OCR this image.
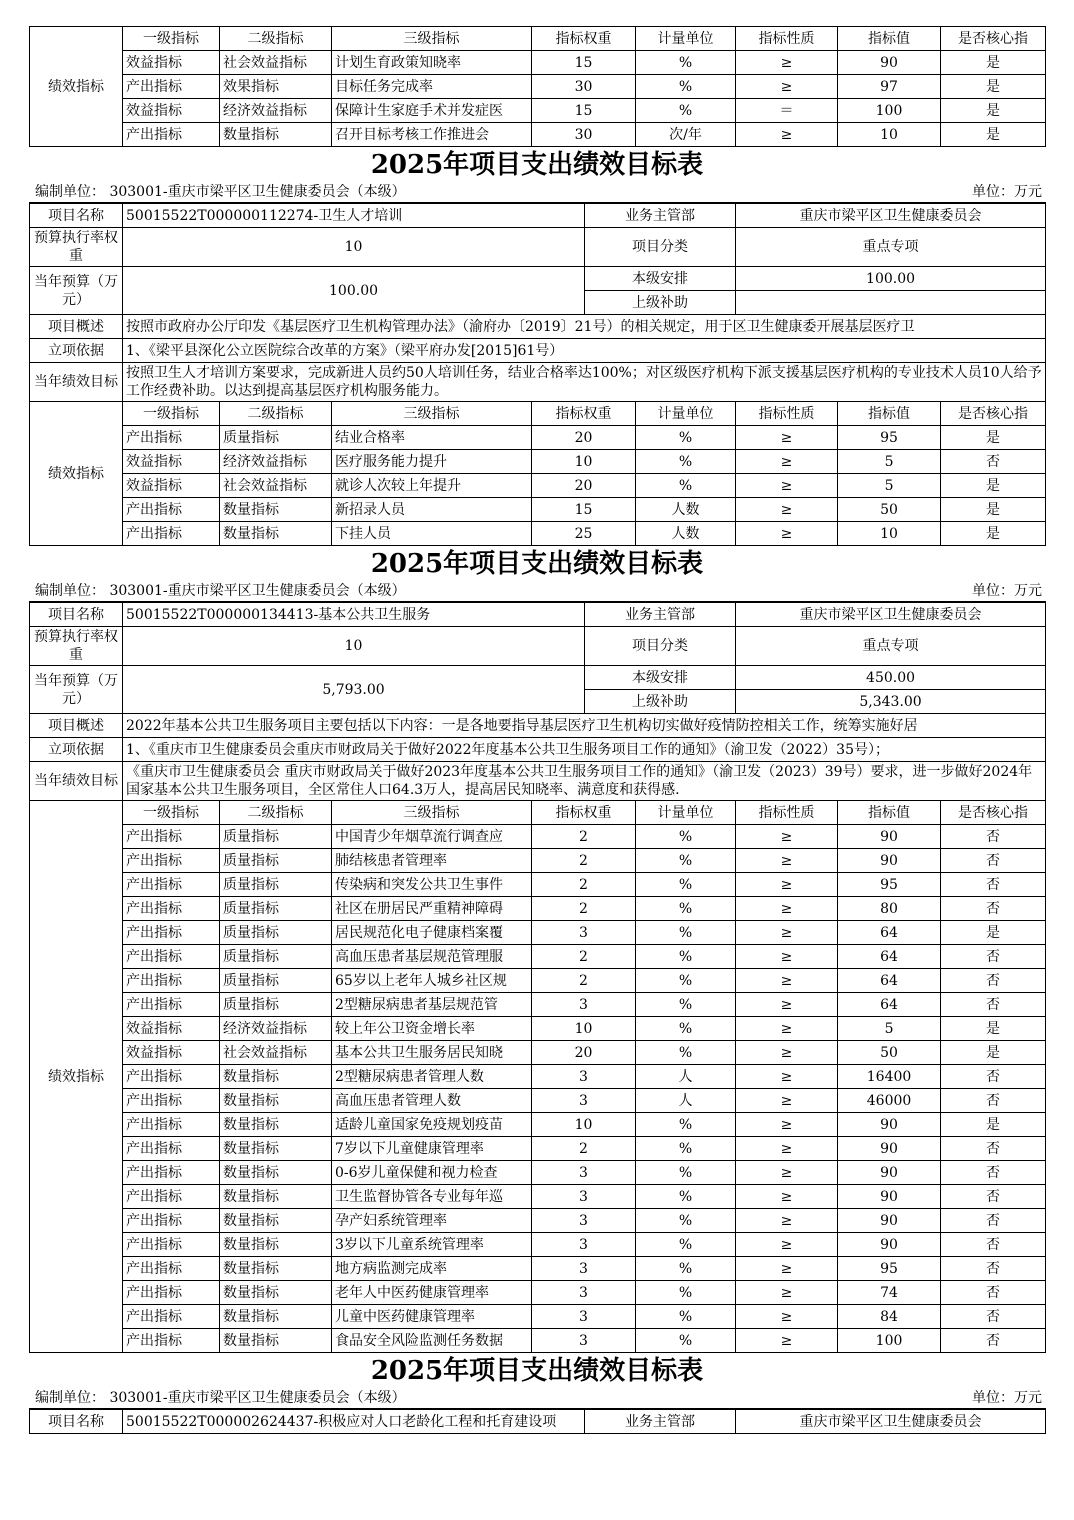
绩效指标	一级指标	二级指标	三级指标	指标权重	计量单位	指标性质	指标值	是否核心指
	效益指标	社会效益指标	计划生育政策知晓率	15	%	≥	90	是
	产出指标	效果指标	目标任务完成率	30	%	≥	97	是
	效益指标	经济效益指标	保障计生家庭手术并发症医	15	%	＝	100	是
	产出指标	数量指标	召开目标考核工作推进会	30	次/年	≥	10	是
2025年项目支出绩效目标表
编制单位： 303001-重庆市梁平区卫生健康委员会（本级）	单位：万元
项目名称	50015522T000000112274-卫生人才培训				业务主管部		重庆市梁平区卫生健康委员会		
预算执行率权重	10				项目分类		重点专项		
当年预算（万元）	100.00				本级安排		100.00		
					上级补助				
项目概述	按照市政府办公厅印发《基层医疗卫生机构管理办法》（渝府办〔2019〕21号）的相关规定，用于区卫生健康委开展基层医疗卫								
立项依据	1、《梁平县深化公立医院综合改革的方案》（梁平府办发[2015]61号）								
当年绩效目标	按照卫生人才培训方案要求，完成新进人员约50人培训任务，结业合格率达100%；对区级医疗机构下派支援基层医疗机构的专业技术人员10人给予工作经费补助。以达到提高基层医疗机构服务能力。								
绩效指标	一级指标	二级指标	三级指标	指标权重		计量单位	指标性质	指标值	是否核心指
	产出指标	质量指标	结业合格率	20		%	≥	95	是
	效益指标	经济效益指标	医疗服务能力提升	10		%	≥	5	否
	效益指标	社会效益指标	就诊人次较上年提升	20		%	≥	5	是
	产出指标	数量指标	新招录人员	15		人数	≥	50	是
	产出指标	数量指标	下挂人员	25		人数	≥	10	是
2025年项目支出绩效目标表
编制单位： 303001-重庆市梁平区卫生健康委员会（本级）	单位：万元
项目名称	50015522T000000134413-基本公共卫生服务				业务主管部		重庆市梁平区卫生健康委员会		
预算执行率权重	10				项目分类		重点专项		
当年预算（万元）	5,793.00				本级安排		450.00		
					上级补助		5,343.00		
项目概述	2022年基本公共卫生服务项目主要包括以下内容：一是各地要指导基层医疗卫生机构切实做好疫情防控相关工作，统筹实施好居								
立项依据	1、《重庆市卫生健康委员会重庆市财政局关于做好2022年度基本公共卫生服务项目工作的通知》（渝卫发（2022）35号）；								
当年绩效目标	《重庆市卫生健康委员会 重庆市财政局关于做好2023年度基本公共卫生服务项目工作的通知》（渝卫发（2023）39号）要求，进一步做好2024年国家基本公共卫生服务项目，全区常住人口64.3万人，提高居民知晓率、满意度和获得感.								
绩效指标	一级指标	二级指标	三级指标	指标权重		计量单位	指标性质	指标值	是否核心指
	产出指标	质量指标	中国青少年烟草流行调查应	2		%	≥	90	否
	产出指标	质量指标	肺结核患者管理率	2		%	≥	90	否
	产出指标	质量指标	传染病和突发公共卫生事件	2		%	≥	95	否
	产出指标	质量指标	社区在册居民严重精神障碍	2		%	≥	80	否
	产出指标	质量指标	居民规范化电子健康档案覆	3		%	≥	64	是
	产出指标	质量指标	高血压患者基层规范管理服	2		%	≥	64	否
	产出指标	质量指标	65岁以上老年人城乡社区规	2		%	≥	64	否
	产出指标	质量指标	2型糖尿病患者基层规范管	3		%	≥	64	否
	效益指标	经济效益指标	较上年公卫资金增长率	10		%	≥	5	是
	效益指标	社会效益指标	基本公共卫生服务居民知晓	20		%	≥	50	是
	产出指标	数量指标	2型糖尿病患者管理人数	3		人	≥	16400	否
	产出指标	数量指标	高血压患者管理人数	3		人	≥	46000	否
	产出指标	数量指标	适龄儿童国家免疫规划疫苗	10		%	≥	90	是
	产出指标	数量指标	7岁以下儿童健康管理率	2		%	≥	90	否
	产出指标	数量指标	0-6岁儿童保健和视力检查	3		%	≥	90	否
	产出指标	数量指标	卫生监督协管各专业每年巡	3		%	≥	90	否
	产出指标	数量指标	孕产妇系统管理率	3		%	≥	90	否
	产出指标	数量指标	3岁以下儿童系统管理率	3		%	≥	90	否
	产出指标	数量指标	地方病监测完成率	3		%	≥	95	否
	产出指标	数量指标	老年人中医药健康管理率	3		%	≥	74	否
	产出指标	数量指标	儿童中医药健康管理率	3		%	≥	84	否
	产出指标	数量指标	食品安全风险监测任务数据	3		%	≥	100	否
2025年项目支出绩效目标表
编制单位： 303001-重庆市梁平区卫生健康委员会（本级）	单位：万元
项目名称	50015522T000002624437-积极应对人口老龄化工程和托育建设项	业务主管部	重庆市梁平区卫生健康委员会
